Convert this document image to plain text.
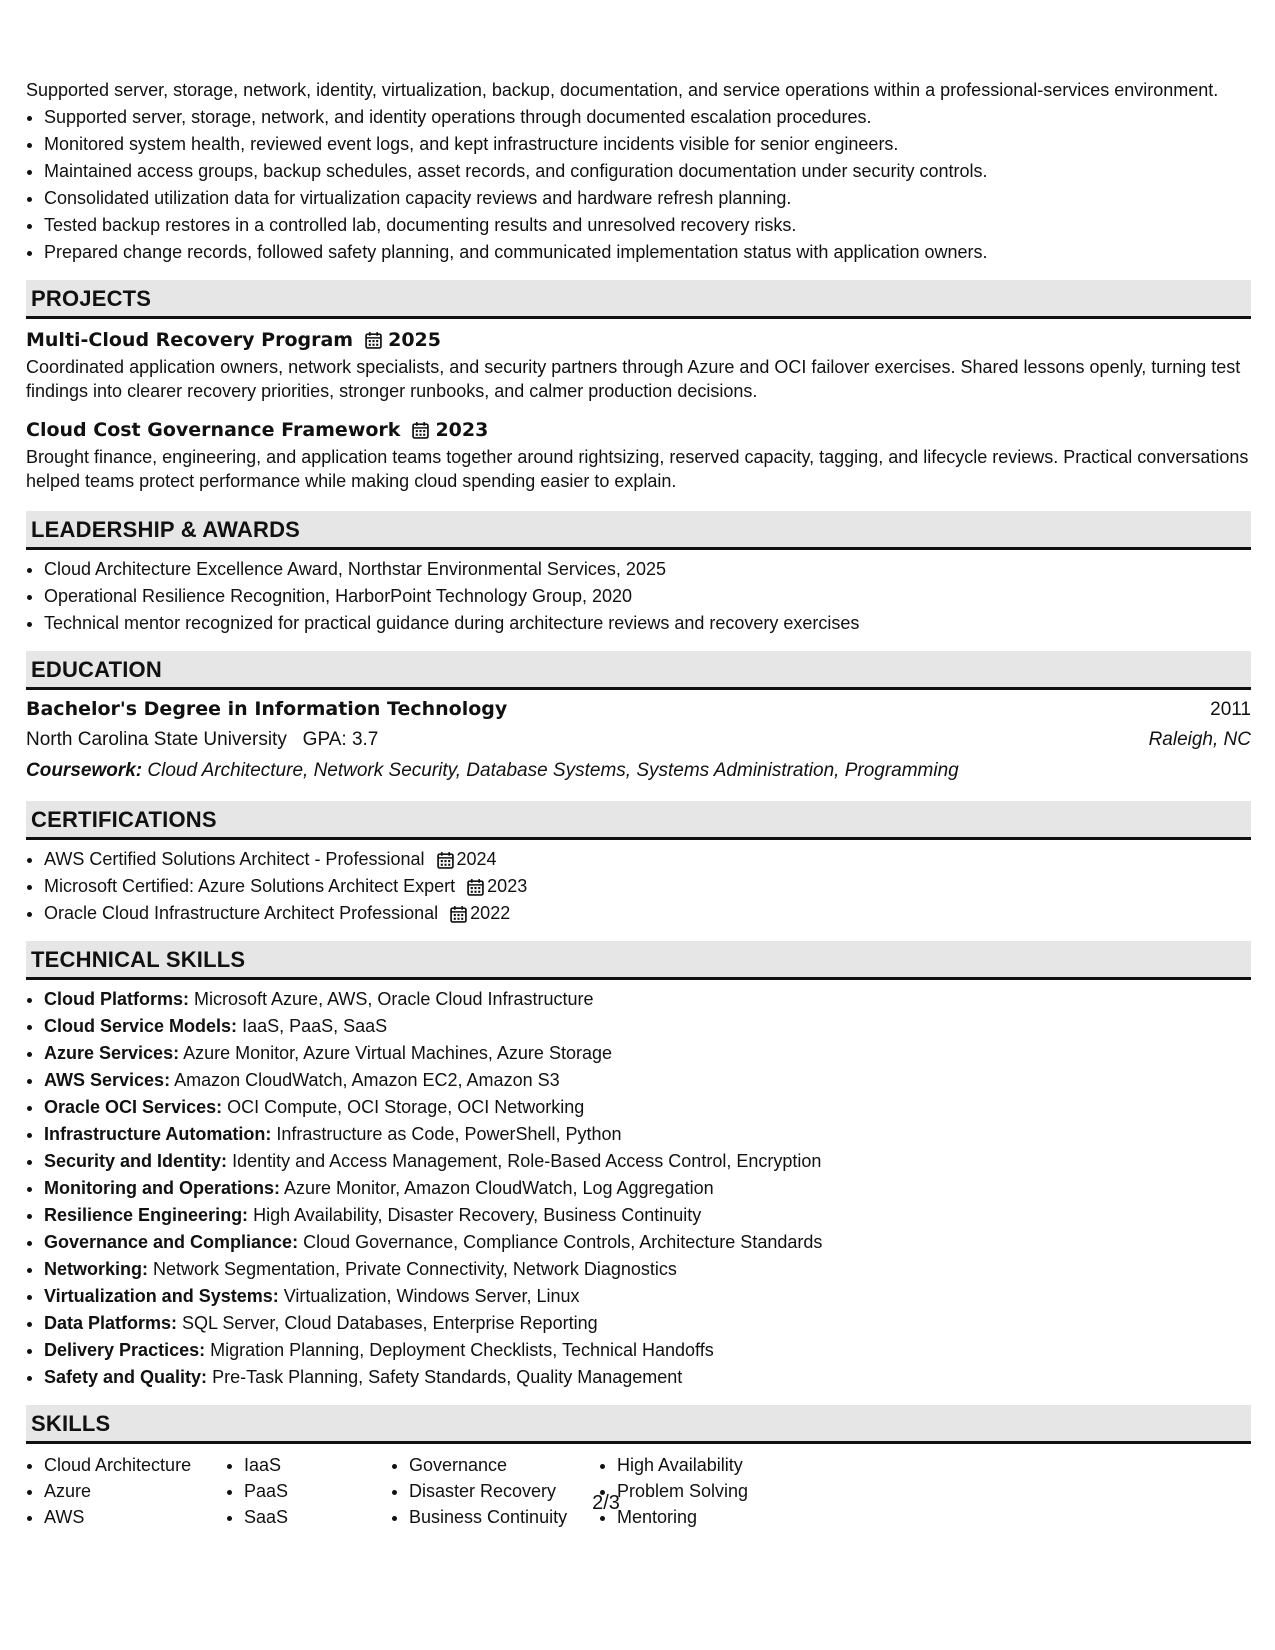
Supported server, storage, network, identity, virtualization, backup, documentation, and service operations within a professional-services environment.

• Supported server, storage, network, and identity operations through documented escalation procedures.
• Monitored system health, reviewed event logs, and kept infrastructure incidents visible for senior engineers.
• Maintained access groups, backup schedules, asset records, and configuration documentation under security controls.
• Consolidated utilization data for virtualization capacity reviews and hardware refresh planning.
• Tested backup restores in a controlled lab, documenting results and unresolved recovery risks.
• Prepared change records, followed safety planning, and communicated implementation status with application owners.
PROJECTS
Multi-Cloud Recovery Program 2025

Coordinated application owners, network specialists, and security partners through Azure and OCI failover exercises. Shared lessons openly, turning test findings into clearer recovery priorities, stronger runbooks, and calmer production decisions.

Cloud Cost Governance Framework 2023

Brought finance, engineering, and application teams together around rightsizing, reserved capacity, tagging, and lifecycle reviews. Practical conversations helped teams protect performance while making cloud spending easier to explain.

LEADERSHIP & AWARDS
• Cloud Architecture Excellence Award, Northstar Environmental Services, 2025
• Operational Resilience Recognition, HarborPoint Technology Group, 2020
• Technical mentor recognized for practical guidance during architecture reviews and recovery exercises
EDUCATION
Bachelor's Degree in Information Technology	2011
North Carolina State University GPA: 3.7	Raleigh, NC
Coursework: Cloud Architecture, Network Security, Database Systems, Systems Administration, Programming
CERTIFICATIONS
• AWS Certified Solutions Architect - Professional 2024
• Microsoft Certified: Azure Solutions Architect Expert 2023
• Oracle Cloud Infrastructure Architect Professional 2022
TECHNICAL SKILLS
• Cloud Platforms: Microsoft Azure, AWS, Oracle Cloud Infrastructure
• Cloud Service Models: IaaS, PaaS, SaaS
• Azure Services: Azure Monitor, Azure Virtual Machines, Azure Storage
• AWS Services: Amazon CloudWatch, Amazon EC2, Amazon S3
• Oracle OCI Services: OCI Compute, OCI Storage, OCI Networking
• Infrastructure Automation: Infrastructure as Code, PowerShell, Python
• Security and Identity: Identity and Access Management, Role-Based Access Control, Encryption
• Monitoring and Operations: Azure Monitor, Amazon CloudWatch, Log Aggregation
• Resilience Engineering: High Availability, Disaster Recovery, Business Continuity
• Governance and Compliance: Cloud Governance, Compliance Controls, Architecture Standards
• Networking: Network Segmentation, Private Connectivity, Network Diagnostics
• Virtualization and Systems: Virtualization, Windows Server, Linux
• Data Platforms: SQL Server, Cloud Databases, Enterprise Reporting
• Delivery Practices: Migration Planning, Deployment Checklists, Technical Handoffs
• Safety and Quality: Pre-Task Planning, Safety Standards, Quality Management
SKILLS
• Cloud Architecture
• Azure
• AWS
• IaaS
• PaaS
• SaaS
• Governance
• Disaster Recovery
• Business Continuity
• High Availability
• Problem Solving
• Mentoring
2/3
